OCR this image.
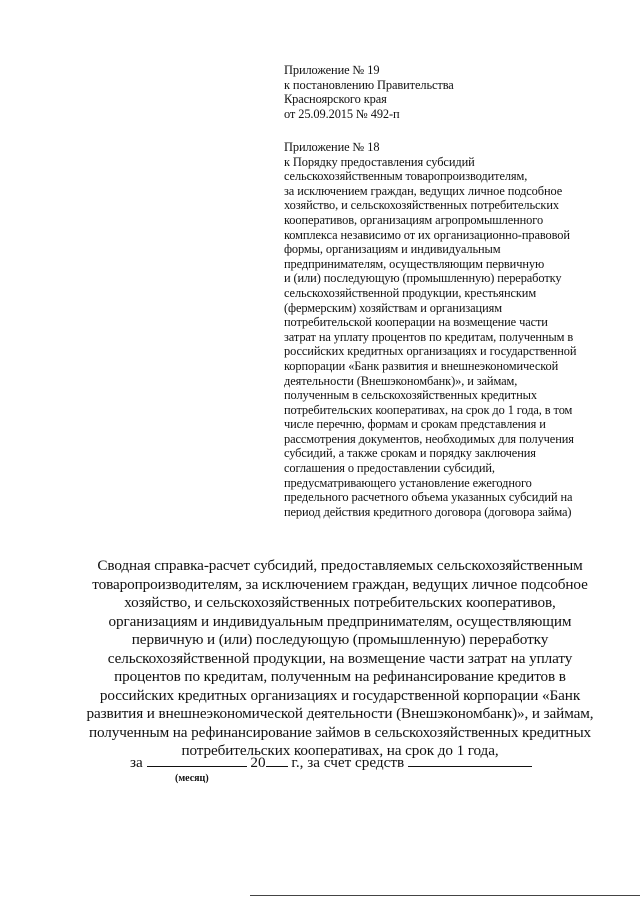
Приложение № 19
к постановлению Правительства
Красноярского края
от 25.09.2015 № 492-п
Приложение № 18
к Порядку предоставления субсидий
сельскохозяйственным товаропроизводителям,
за исключением граждан, ведущих личное подсобное
хозяйство, и сельскохозяйственных потребительских
кооперативов, организациям агропромышленного
комплекса независимо от их организационно-правовой
формы, организациям и индивидуальным
предпринимателям, осуществляющим первичную
и (или) последующую (промышленную) переработку
сельскохозяйственной продукции, крестьянским
(фермерским) хозяйствам и организациям
потребительской кооперации на возмещение части
затрат на уплату процентов по кредитам, полученным в
российских кредитных организациях и государственной
корпорации «Банк развития и внешнеэкономической
деятельности (Внешэкономбанк)», и займам,
полученным в сельскохозяйственных кредитных
потребительских кооперативах, на срок до 1 года, в том
числе перечню, формам и срокам представления и
рассмотрения документов, необходимых для получения
субсидий, а также срокам и порядку заключения
соглашения о предоставлении субсидий,
предусматривающего установление ежегодного
предельного расчетного объема указанных субсидий на
период действия кредитного договора (договора займа)
Сводная справка-расчет субсидий, предоставляемых сельскохозяйственным
товаропроизводителям, за исключением граждан, ведущих личное подсобное
хозяйство, и сельскохозяйственных потребительских кооперативов,
организациям и индивидуальным предпринимателям, осуществляющим
первичную и (или) последующую (промышленную) переработку
сельскохозяйственной продукции, на возмещение части затрат на уплату
процентов по кредитам, полученным на рефинансирование кредитов в
российских кредитных организациях и государственной корпорации «Банк
развития и внешнеэкономической деятельности (Внешэкономбанк)», и займам,
полученным на рефинансирование займов в сельскохозяйственных кредитных
потребительских кооперативах, на срок до 1 года,
за	20 г., за счет средств
(месяц)
